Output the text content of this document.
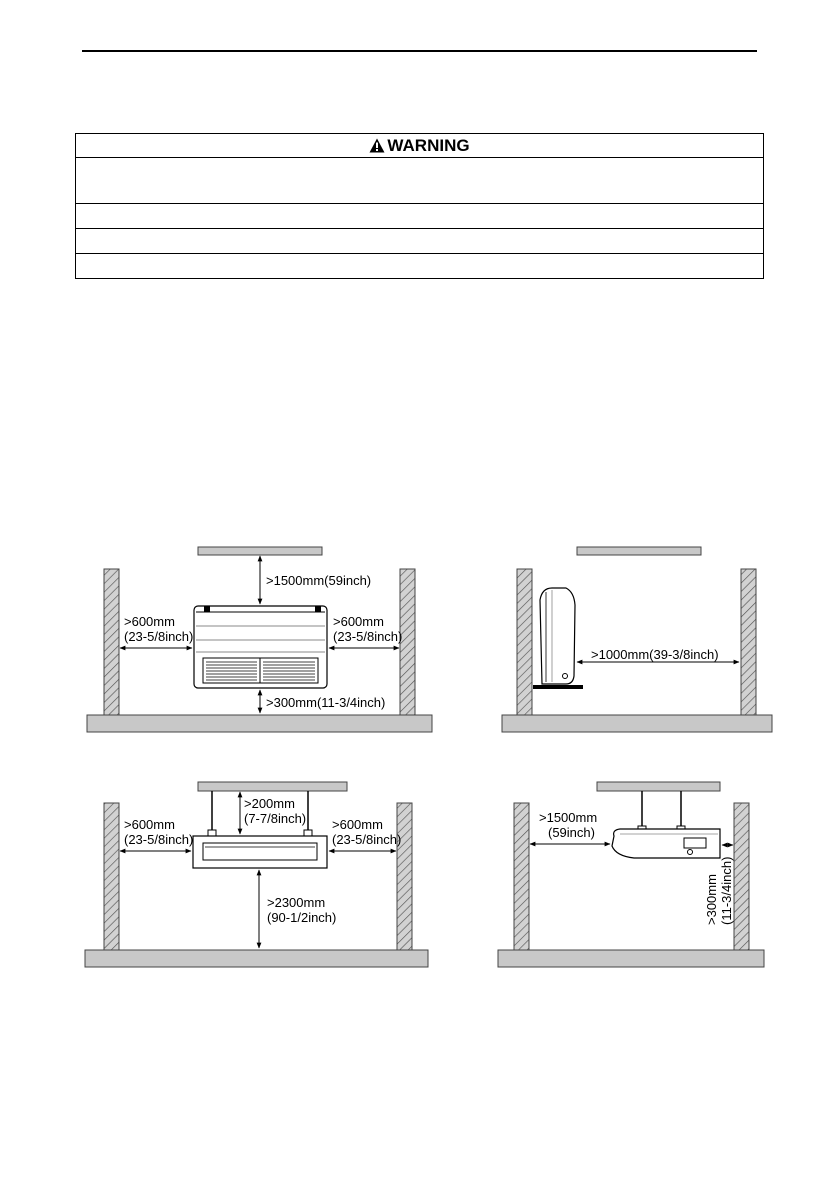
WARNING

>1500mm(59inch)
>600mm
(23-5/8inch)
>600mm
(23-5/8inch)
>300mm(11-3/4inch)
>1000mm(39-3/8inch)
>200mm
(7-7/8inch)
>600mm
(23-5/8inch)
>600mm
(23-5/8inch)
>2300mm
(90-1/2inch)
>1500mm
(59inch)
>300mm (11-3/4inch)
